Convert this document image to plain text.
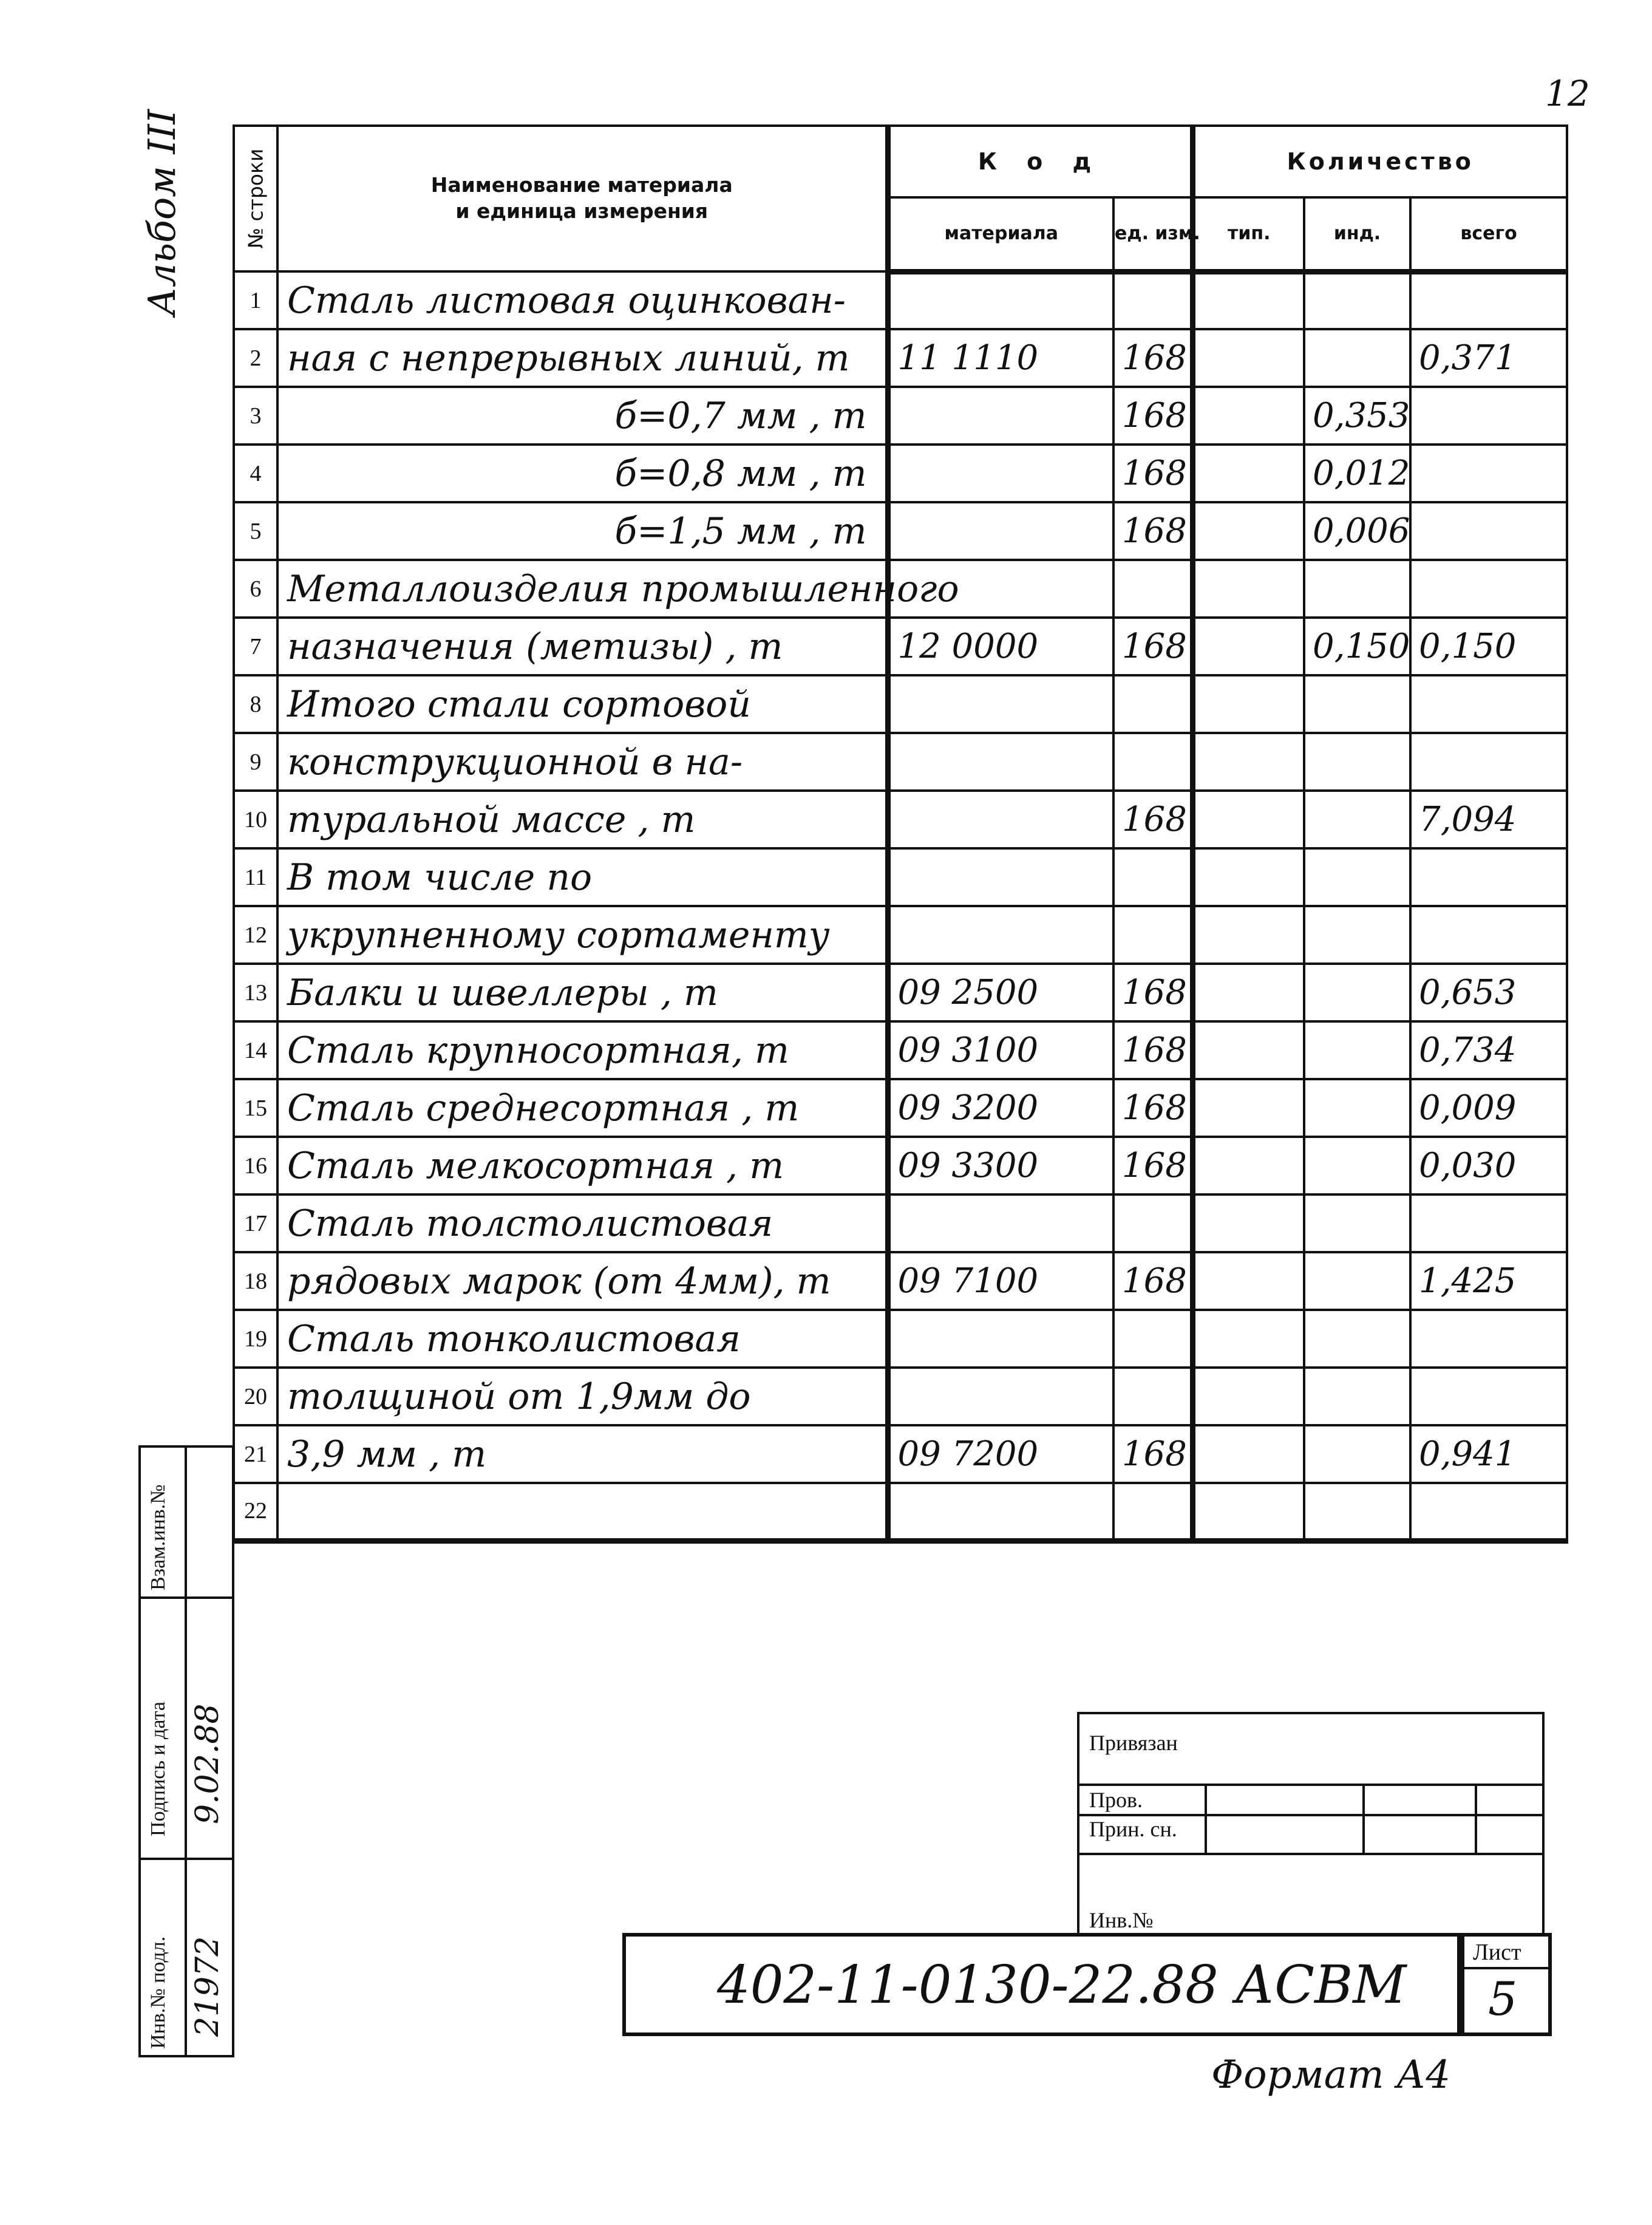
12
Альбом III	№ строки	Наименование материала
и единица измерения	К о д		Количество		
		материала	ед. изм.	тип.	инд.	всего
1	Сталь листовая оцинкован-					
2	ная с непрерывных линий, т	11 1110	168			0,371
3	б=0,7 мм , т		168		0,353	
4	б=0,8 мм , т		168		0,012	
5	б=1,5 мм , т		168		0,006	
6	Металлоизделия промышленного					
7	назначения (метизы) , т	12 0000	168		0,150	0,150
8	Итого стали сортовой					
9	конструкционной в на-					
10	туральной массе , т		168			7,094
11	В том числе по					
12	укрупненному сортаменту					
13	Балки и швеллеры , т	09 2500	168			0,653
14	Сталь крупносортная, т	09 3100	168			0,734
15	Сталь среднесортная , т	09 3200	168			0,009
16	Сталь мелкосортная , т	09 3300	168			0,030
17	Сталь толстолистовая					
18	рядовых марок (от 4мм), т	09 7100	168			1,425
19	Сталь тонколистовая					
20	толщиной от 1,9мм до					
21	3,9 мм , т	09 7200	168			0,941
22						
Взам.инв.№
Подпись и дата 9.02.88
Инв.№ подл. 21972
Привязан
Пров.
Прин. сн.
Инв.№
402-11-0130-22.88 АСВМ
Лист
5
Формат А4
